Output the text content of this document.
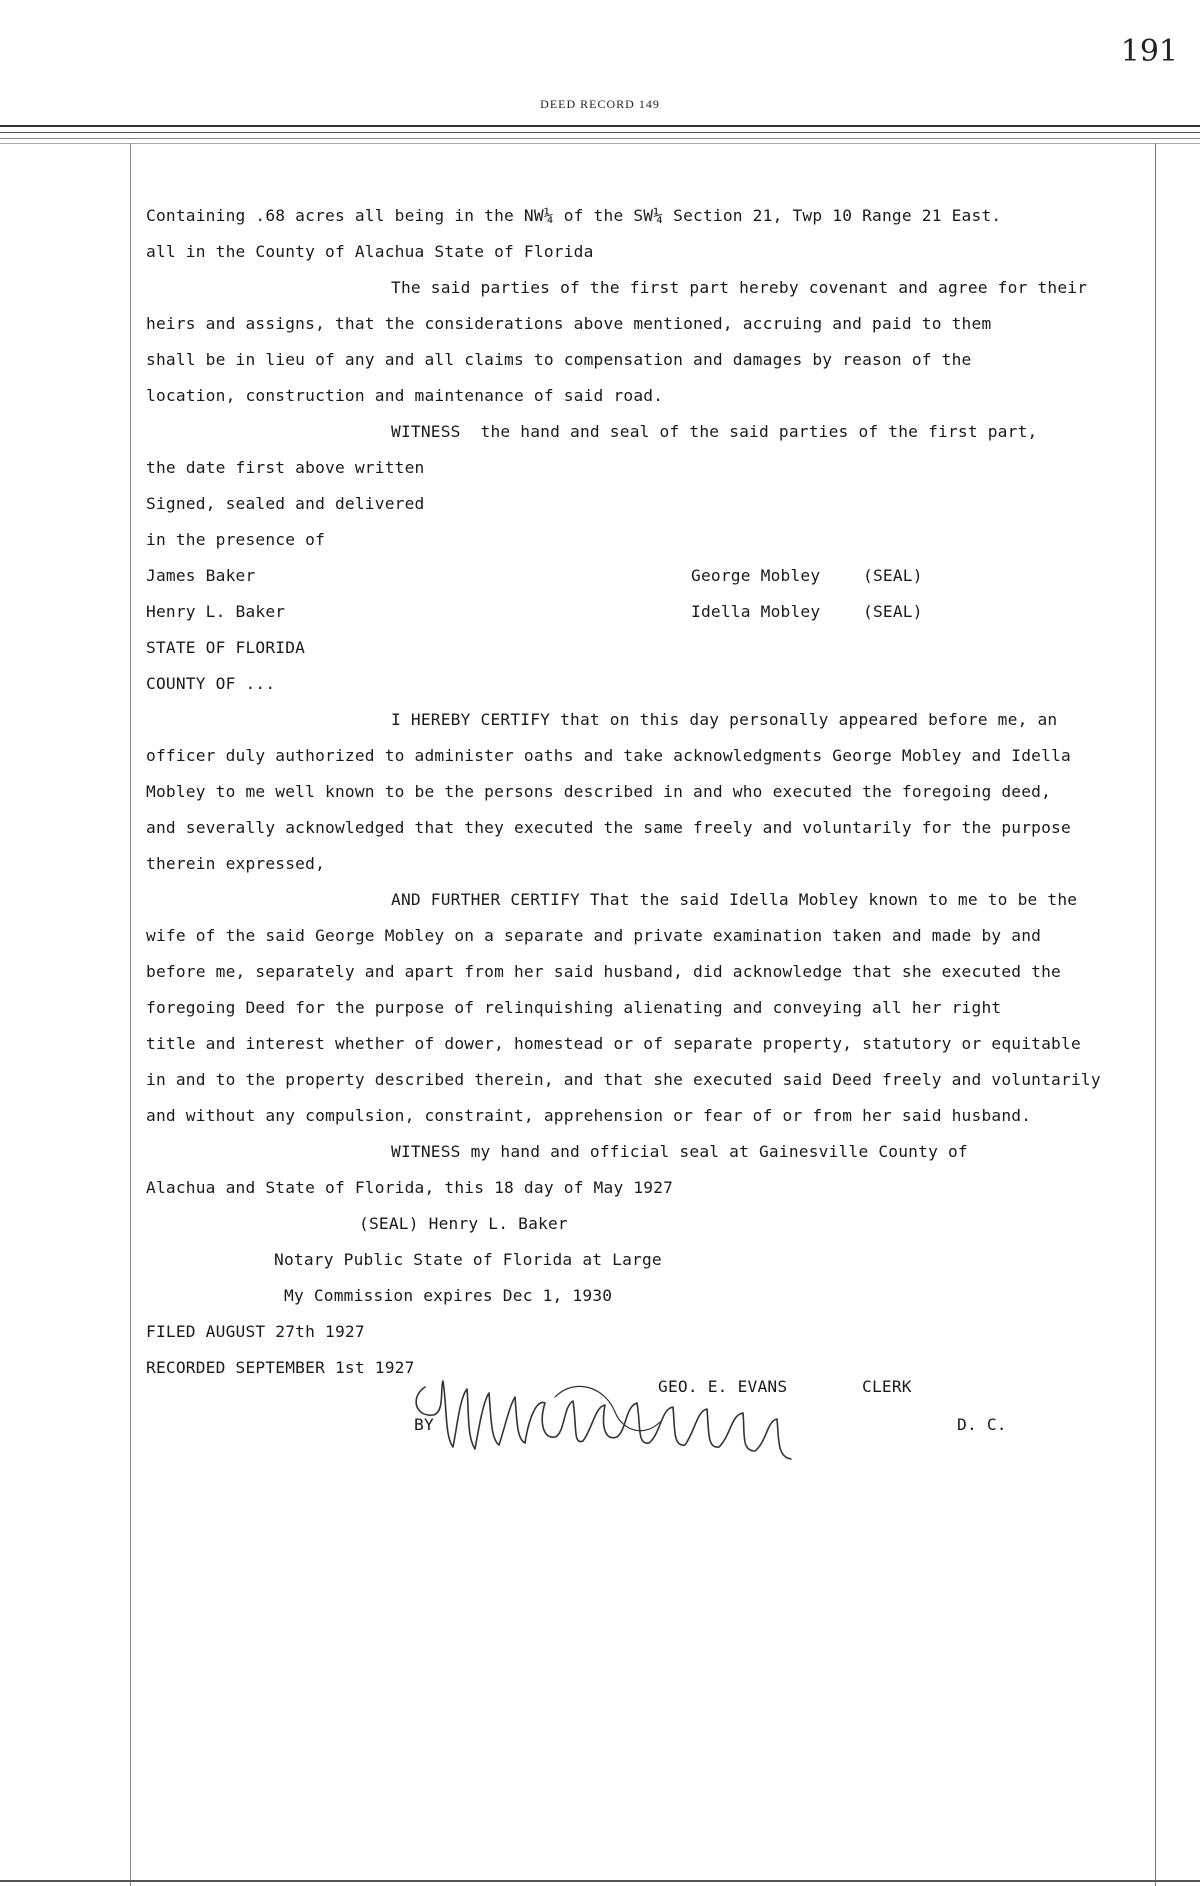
191
DEED RECORD 149
Containing .68 acres all being in the NW¼ of the SW¼ Section 21, Twp 10 Range 21 East.
all in the County of Alachua State of Florida
The said parties of the first part hereby covenant and agree for their
heirs and assigns, that the considerations above mentioned, accruing and paid to them
shall be in lieu of any and all claims to compensation and damages by reason of the
location, construction and maintenance of said road.
WITNESS  the hand and seal of the said parties of the first part,
the date first above written
Signed, sealed and delivered
in the presence of
James Baker	George Mobley	(SEAL)
Henry L. Baker	Idella Mobley	(SEAL)
STATE OF FLORIDA
COUNTY OF ...
I HEREBY CERTIFY that on this day personally appeared before me, an
officer duly authorized to administer oaths and take acknowledgments George Mobley and Idella
Mobley to me well known to be the persons described in and who executed the foregoing deed,
and severally acknowledged that they executed the same freely and voluntarily for the purpose
therein expressed,
AND FURTHER CERTIFY That the said Idella Mobley known to me to be the
wife of the said George Mobley on a separate and private examination taken and made by and
before me, separately and apart from her said husband, did acknowledge that she executed the
foregoing Deed for the purpose of relinquishing alienating and conveying all her right
title and interest whether of dower, homestead or of separate property, statutory or equitable
in and to the property described therein, and that she executed said Deed freely and voluntarily
and without any compulsion, constraint, apprehension or fear of or from her said husband.
WITNESS my hand and official seal at Gainesville County of
Alachua and State of Florida, this 18 day of May 1927
(SEAL) Henry L. Baker
Notary Public State of Florida at Large
My Commission expires Dec 1, 1930
FILED AUGUST 27th 1927
RECORDED SEPTEMBER 1st 1927
GEO. E. EVANS	CLERK
BY	D. C.
